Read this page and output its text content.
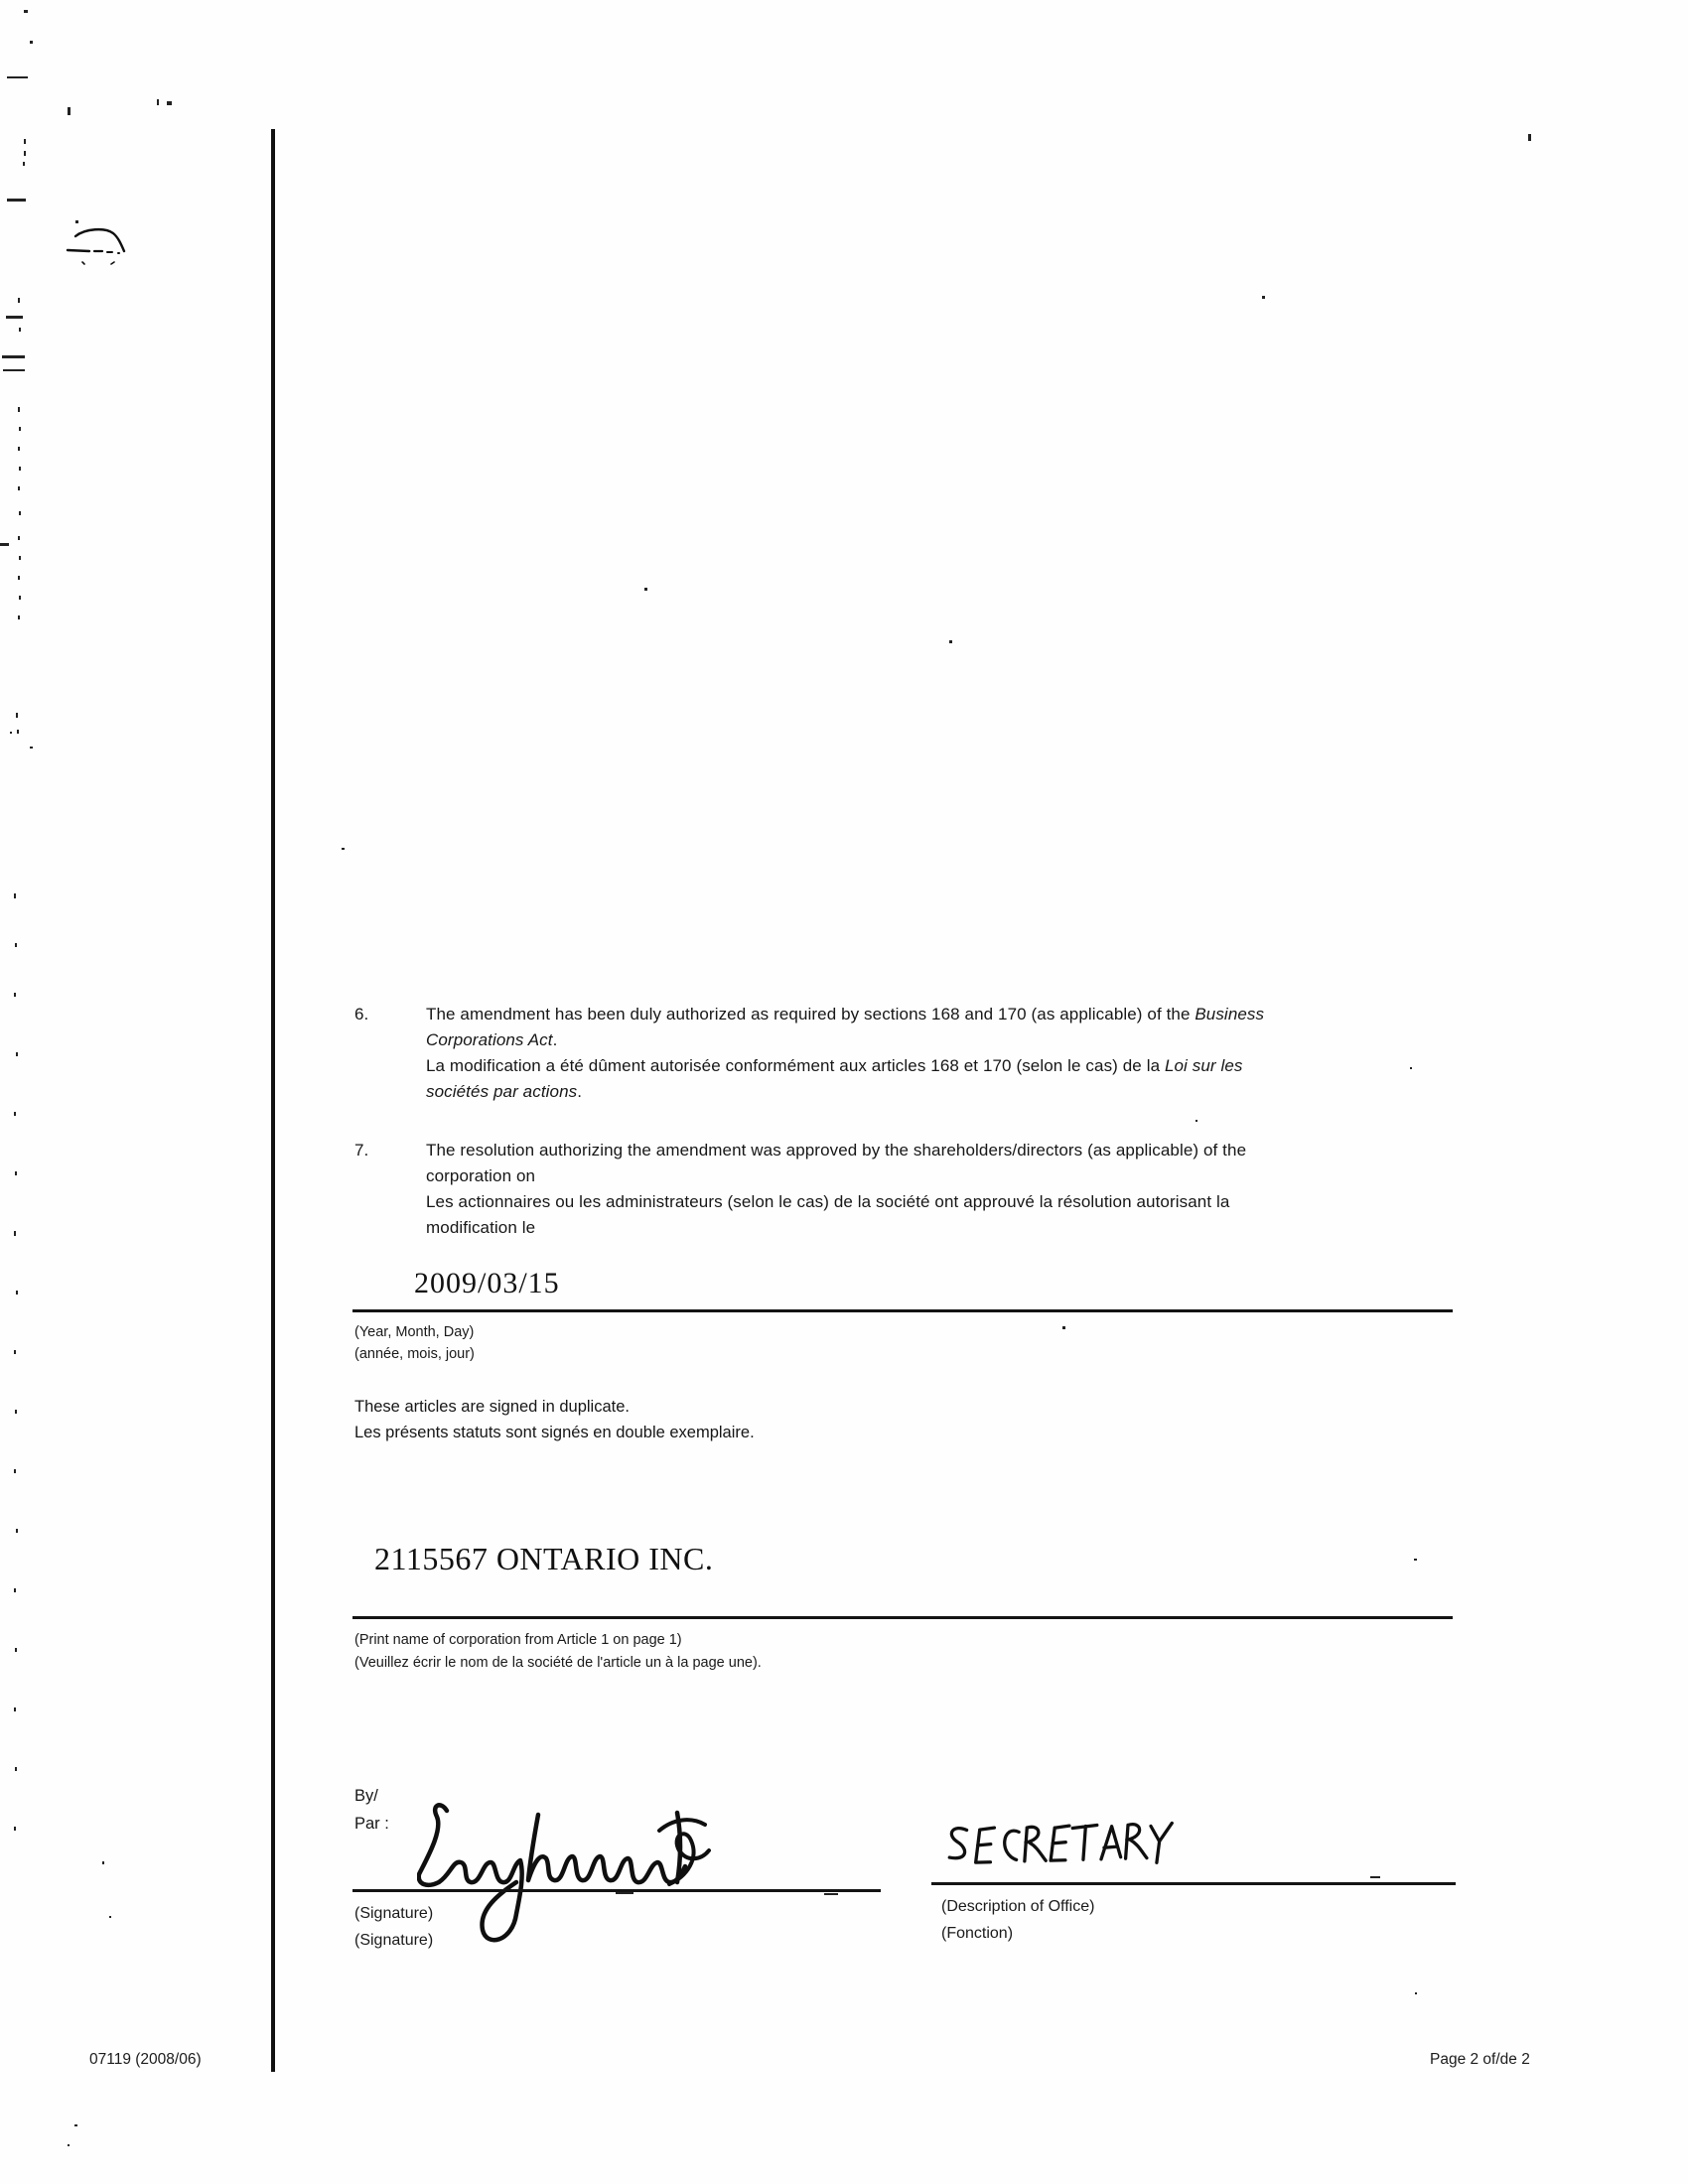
6.	The amendment has been duly authorized as required by sections 168 and 170 (as applicable) of the Business
Corporations Act.
La modification a été dûment autorisée conformément aux articles 168 et 170 (selon le cas) de la Loi sur les
sociétés par actions.
7.	The resolution authorizing the amendment was approved by the shareholders/directors (as applicable) of the
corporation on
Les actionnaires ou les administrateurs (selon le cas) de la société ont approuvé la résolution autorisant la
modification le
2009/03/15
(Year, Month, Day)
(année, mois, jour)
These articles are signed in duplicate.
Les présents statuts sont signés en double exemplaire.
2115567 ONTARIO INC.
(Print name of corporation from Article 1 on page 1)
(Veuillez écrir le nom de la société de l'article un à la page une).
By/
Par :
(Signature)
(Signature)
(Description of Office)
(Fonction)
07119 (2008/06)	Page 2 of/de 2
